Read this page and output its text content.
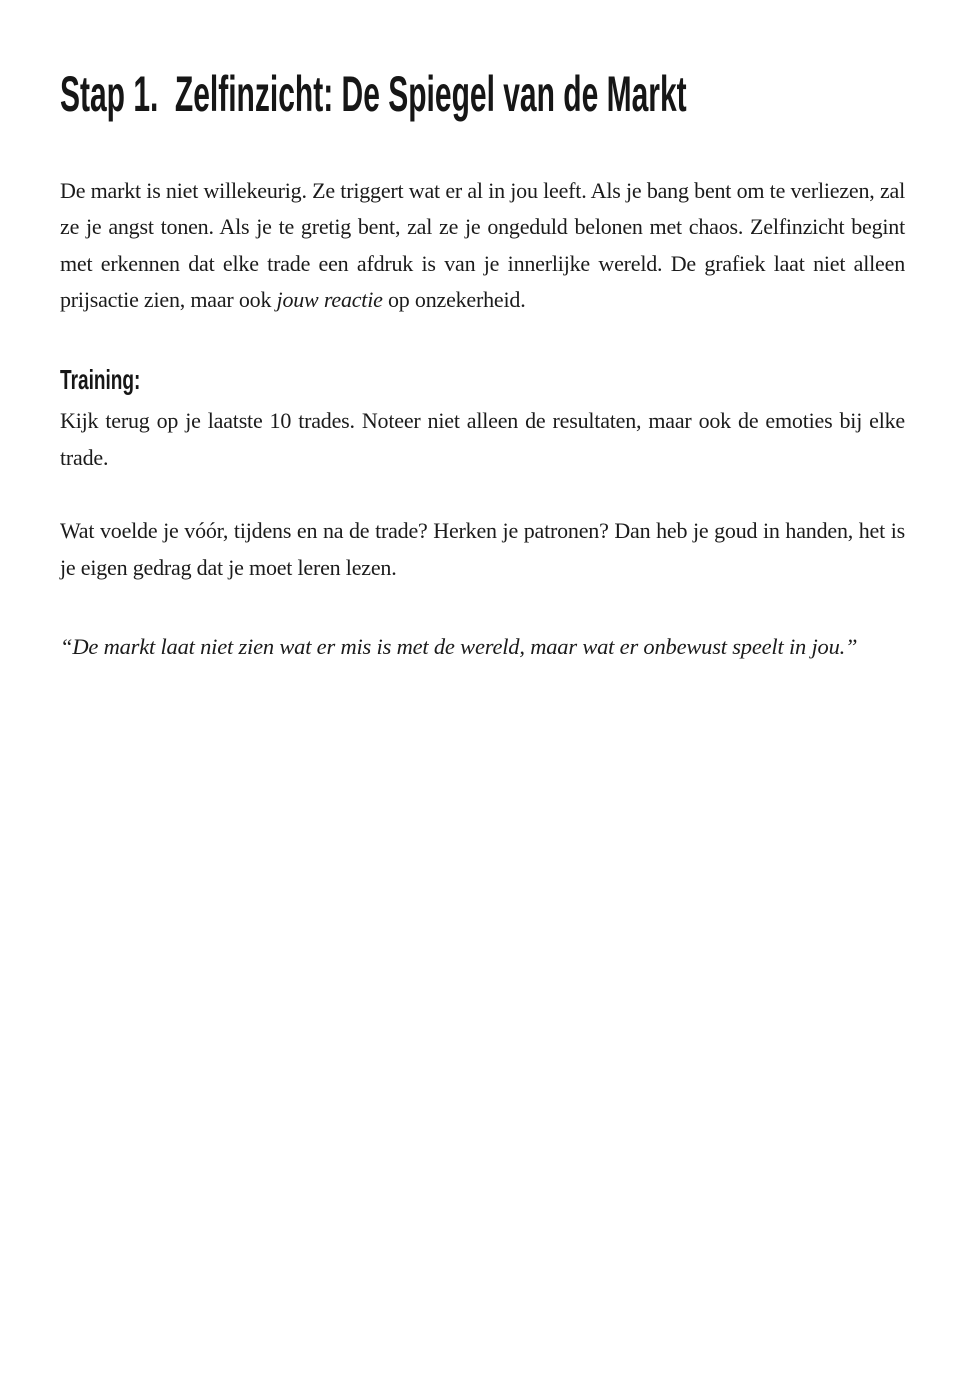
Stap 1. Zelfinzicht: De Spiegel van de Markt

De markt is niet willekeurig. Ze triggert wat er al in jou leeft. Als je bang bent om te verliezen, zal ze je angst tonen. Als je te gretig bent, zal ze je ongeduld belonen met chaos. Zelfinzicht begint met erkennen dat elke trade een afdruk is van je innerlijke wereld. De grafiek laat niet alleen prijsactie zien, maar ook jouw reactie op onzekerheid.

Training:

Kijk terug op je laatste 10 trades. Noteer niet alleen de resultaten, maar ook de emoties bij elke trade.

Wat voelde je vóór, tijdens en na de trade? Herken je patronen? Dan heb je goud in handen, het is je eigen gedrag dat je moet leren lezen.

“De markt laat niet zien wat er mis is met de wereld, maar wat er onbewust speelt in jou.”
